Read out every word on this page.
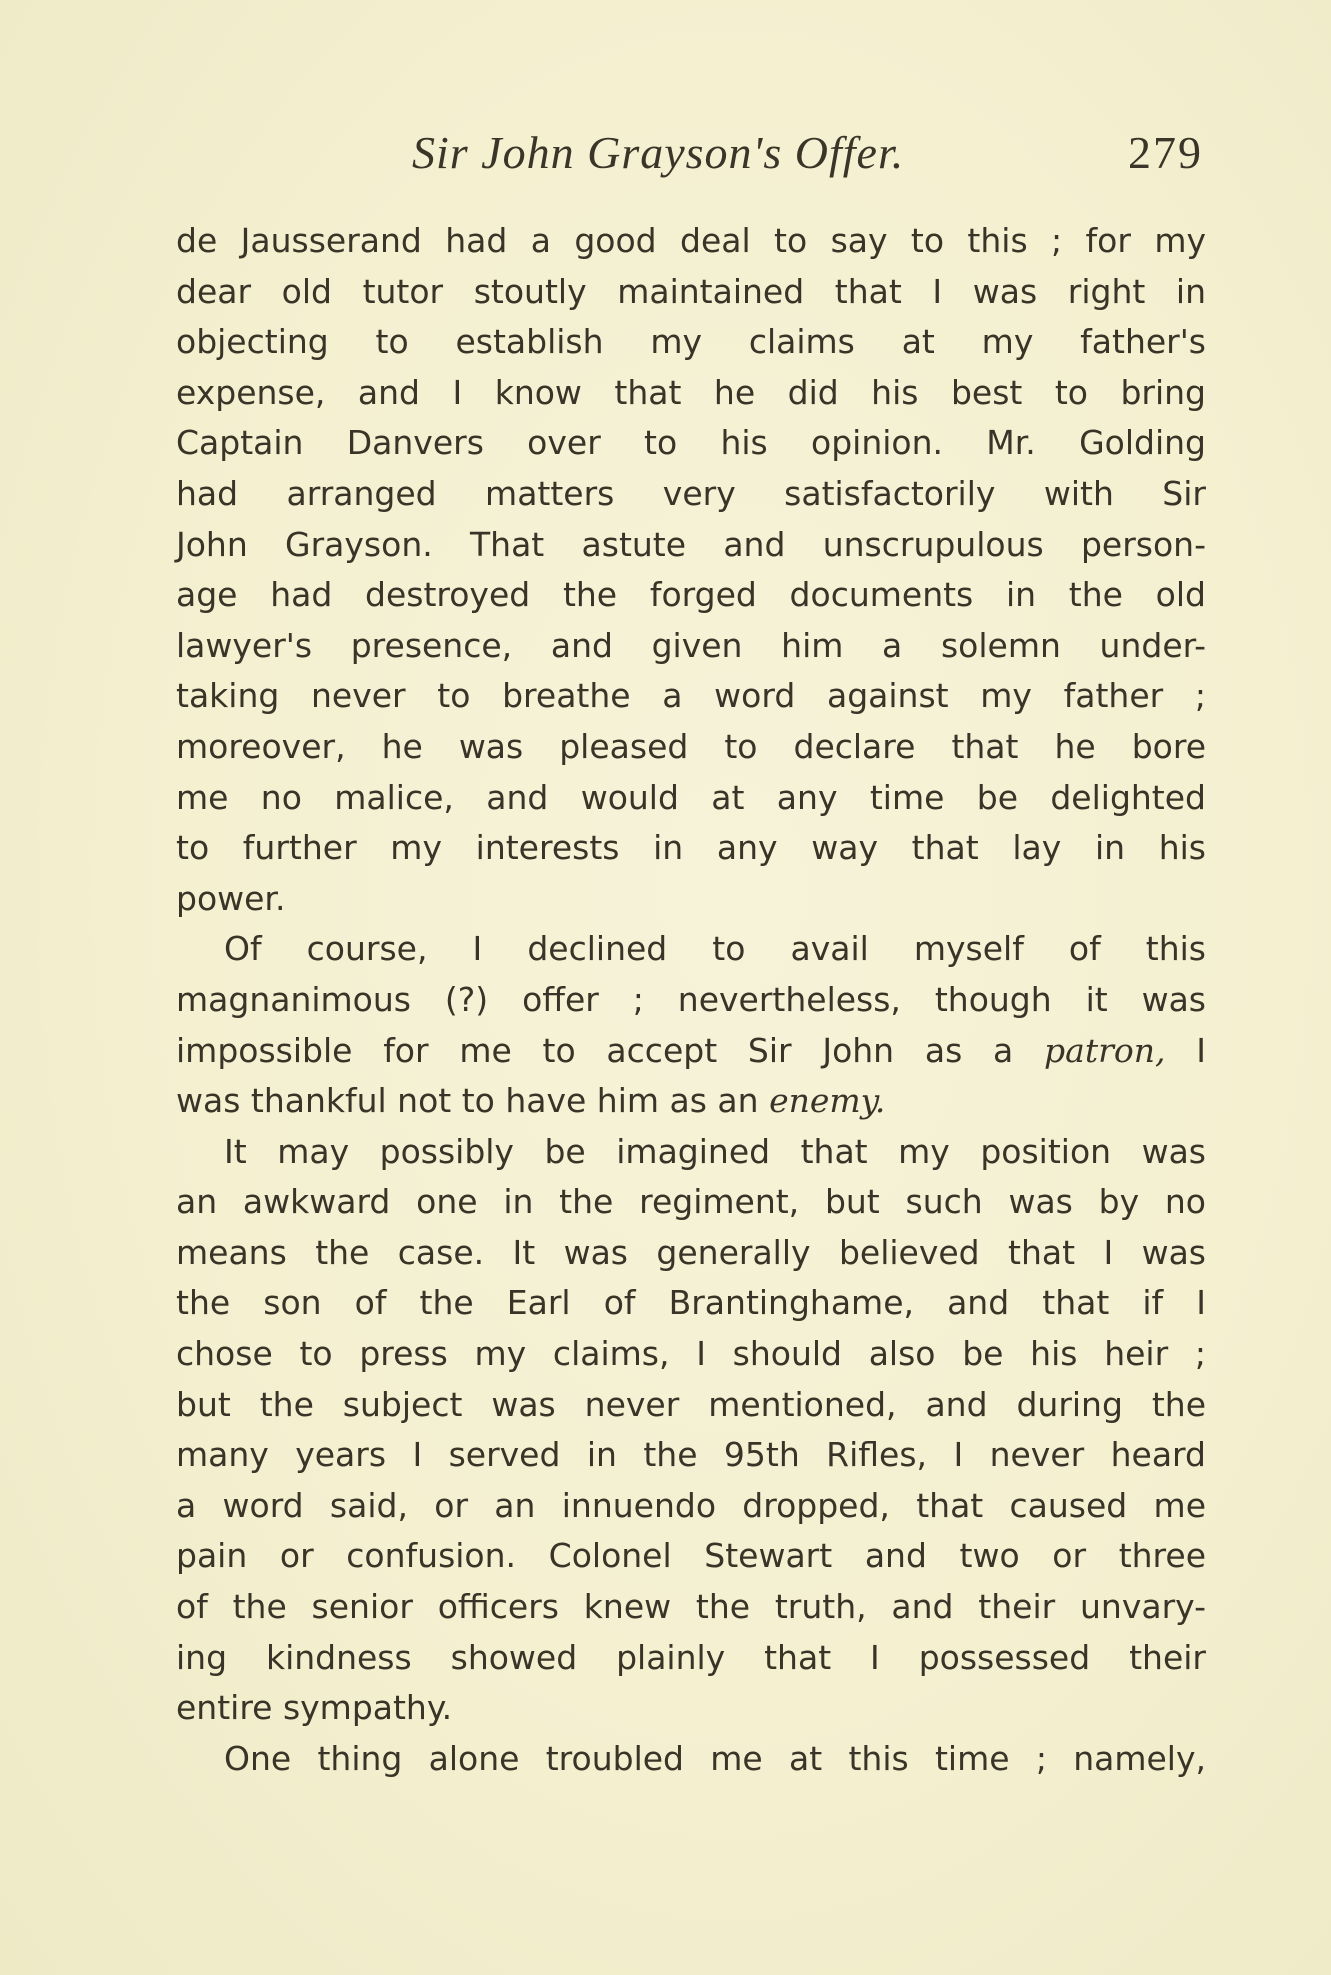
Sir John Grayson's Offer.	279
de Jausserand had a good deal to say to this ; for my
dear old tutor stoutly maintained that I was right in
objecting to establish my claims at my father's
expense, and I know that he did his best to bring
Captain Danvers over to his opinion. Mr. Golding
had arranged matters very satisfactorily with Sir
John Grayson. That astute and unscrupulous person-
age had destroyed the forged documents in the old
lawyer's presence, and given him a solemn under-
taking never to breathe a word against my father ;
moreover, he was pleased to declare that he bore
me no malice, and would at any time be delighted
to further my interests in any way that lay in his
power.
Of course, I declined to avail myself of this
magnanimous (?) offer ; nevertheless, though it was
impossible for me to accept Sir John as a patron, I
was thankful not to have him as an enemy.
It may possibly be imagined that my position was
an awkward one in the regiment, but such was by no
means the case. It was generally believed that I was
the son of the Earl of Brantinghame, and that if I
chose to press my claims, I should also be his heir ;
but the subject was never mentioned, and during the
many years I served in the 95th Rifles, I never heard
a word said, or an innuendo dropped, that caused me
pain or confusion. Colonel Stewart and two or three
of the senior officers knew the truth, and their unvary-
ing kindness showed plainly that I possessed their
entire sympathy.
One thing alone troubled me at this time ; namely,
